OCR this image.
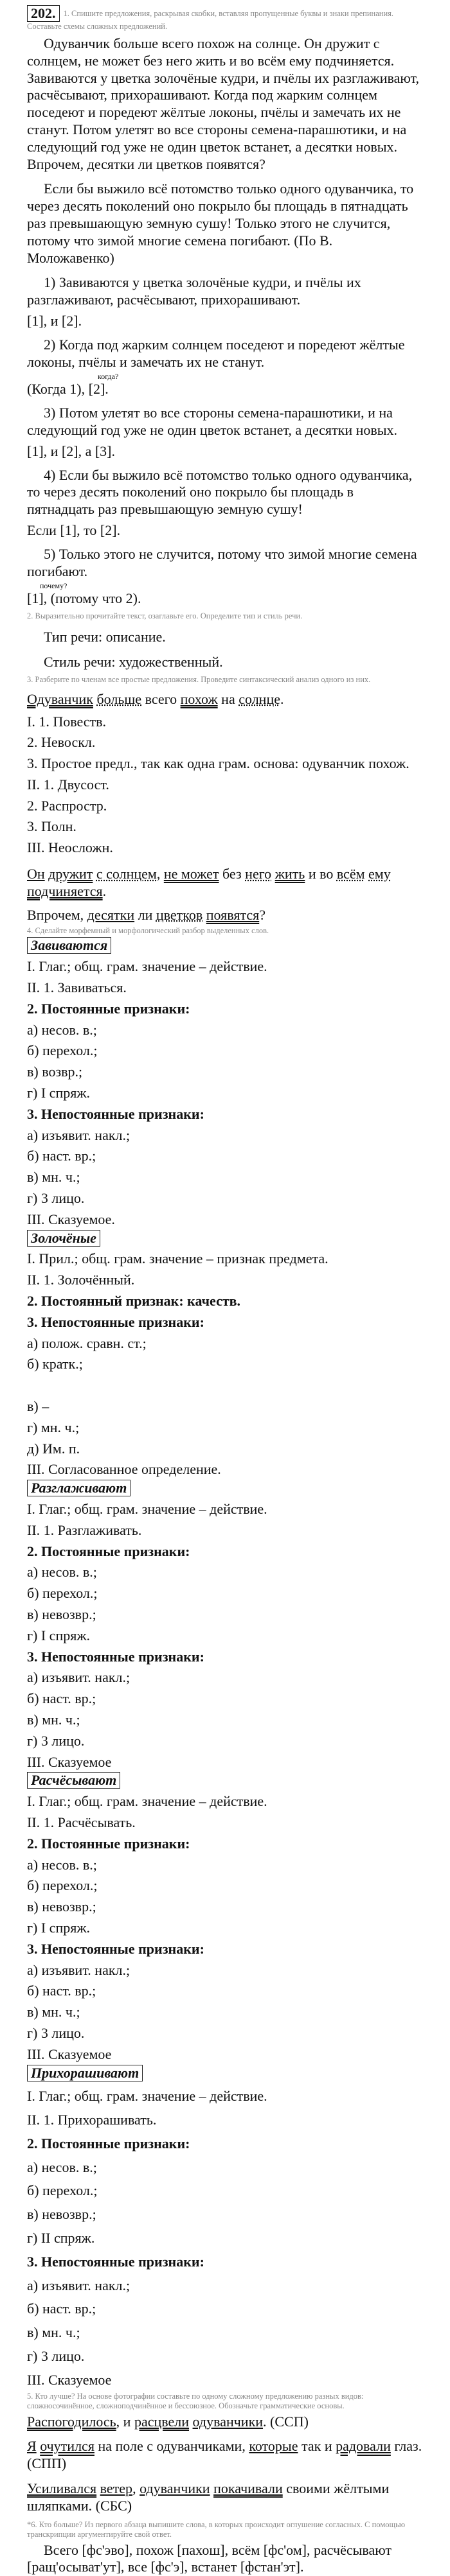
202. 1. Спишите предложения, раскрывая скобки, вставляя пропущенные буквы и знаки препинания. Составьте схемы сложных предложений.

Одуванчик больше всего похож на солнце. Он дружит с солнцем, не может без него жить и во всём ему подчиняется. Завиваются у цветка золочёные кудри, и пчёлы их разглаживают, расчёсывают, прихорашивают. Когда под жарким солнцем поседеют и поредеют жёлтые локоны, пчёлы и замечать их не станут. Потом улетят во все стороны семена-парашютики, и на следующий год уже не один цветок встанет, а десятки новых. Впрочем, десятки ли цветков появятся?

Если бы выжило всё потомство только одного одуванчика, то через десять поколений оно покрыло бы площадь в пятнадцать раз превышающую земную сушу! Только этого не случится, потому что зимой многие семена погибают. (По В. Моложавенко)

1) Завиваются у цветка золочёные кудри, и пчёлы их разглаживают, расчёсывают, прихорашивают.

[1], и [2].

2) Когда под жарким солнцем поседеют и поредеют жёлтые локоны, пчёлы и замечать их не станут.

когда?

(Когда 1), [2].

3) Потом улетят во все стороны семена-парашютики, и на следующий год уже не один цветок встанет, а десятки новых.

[1], и [2], а [3].

4) Если бы выжило всё потомство только одного одуванчика, то через десять поколений оно покрыло бы площадь в пятнадцать раз превышающую земную сушу!

Если [1], то [2].

5) Только этого не случится, потому что зимой многие семена погибают.

почему?

[1], (потому что 2).

2. Выразительно прочитайте текст, озаглавьте его. Определите тип и стиль речи.

Тип речи: описание.

Стиль речи: художественный.

3. Разберите по членам все простые предложения. Проведите синтаксический анализ одного из них.

Одуванчик больше всего похож на солнце.

I. 1. Повеств.

2. Невоскл.

3. Простое предл., так как одна грам. основа: одуванчик похож.

II. 1. Двусост.

2. Распростр.

3. Полн.

III. Неосложн.

Он дружит с солнцем, не может без него жить и во всём ему подчиняется.

Впрочем, десятки ли цветков появятся?

4. Сделайте морфемный и морфологический разбор выделенных слов.

Завиваются

I. Глаг.; общ. грам. значение – действие.

II. 1. Завиваться.

2. Постоянные признаки:

а) несов. в.;

б) перехол.;

в) возвр.;

г) I спряж.

3. Непостоянные признаки:

а) изъявит. накл.;

б) наст. вр.;

в) мн. ч.;

г) 3 лицо.

III. Сказуемое.

Золочёные

I. Прил.; общ. грам. значение – признак предмета.

II. 1. Золочённый.

2. Постоянный признак: качеств.

3. Непостоянные признаки:

а) полож. сравн. ст.;

б) кратк.;

в) –

г) мн. ч.;

д) Им. п.

III. Согласованное определение.

Разглаживают

I. Глаг.; общ. грам. значение – действие.

II. 1. Разглаживать.

2. Постоянные признаки:

а) несов. в.;

б) перехол.;

в) невозвр.;

г) I спряж.

3. Непостоянные признаки:

а) изъявит. накл.;

б) наст. вр.;

в) мн. ч.;

г) 3 лицо.

III. Сказуемое

Расчёсывают

I. Глаг.; общ. грам. значение – действие.

II. 1. Расчёсывать.

2. Постоянные признаки:

а) несов. в.;

б) перехол.;

в) невозвр.;

г) I спряж.

3. Непостоянные признаки:

а) изъявит. накл.;

б) наст. вр.;

в) мн. ч.;

г) 3 лицо.

III. Сказуемое

Прихорашивают

I. Глаг.; общ. грам. значение – действие.

II. 1. Прихорашивать.

2. Постоянные признаки:

а) несов. в.;

б) перехол.;

в) невозвр.;

г) II спряж.

3. Непостоянные признаки:

а) изъявит. накл.;

б) наст. вр.;

в) мн. ч.;

г) 3 лицо.

III. Сказуемое

5. Кто лучше? На основе фотографии составьте по одному сложному предложению разных видов: сложносочинённое, сложноподчинённое и бессоюзное. Обозначьте грамматические основы.

Распогодилось, и расцвели одуванчики. (ССП)

Я очутился на поле с одуванчиками, которые так и радовали глаз. (СПП)

Усиливался ветер, одуванчики покачивали своими жёлтыми шляпками. (СБС)

*6. Кто больше? Из первого абзаца выпишите слова, в которых происходит оглушение согласных. С помощью транскрипции аргументируйте свой ответ.

Всего [фс'эво], похож [пахош], всём [фс'ом], расчёсывают

[ращ'осыват'ут], все [фс'э], встанет [фстан'эт].
